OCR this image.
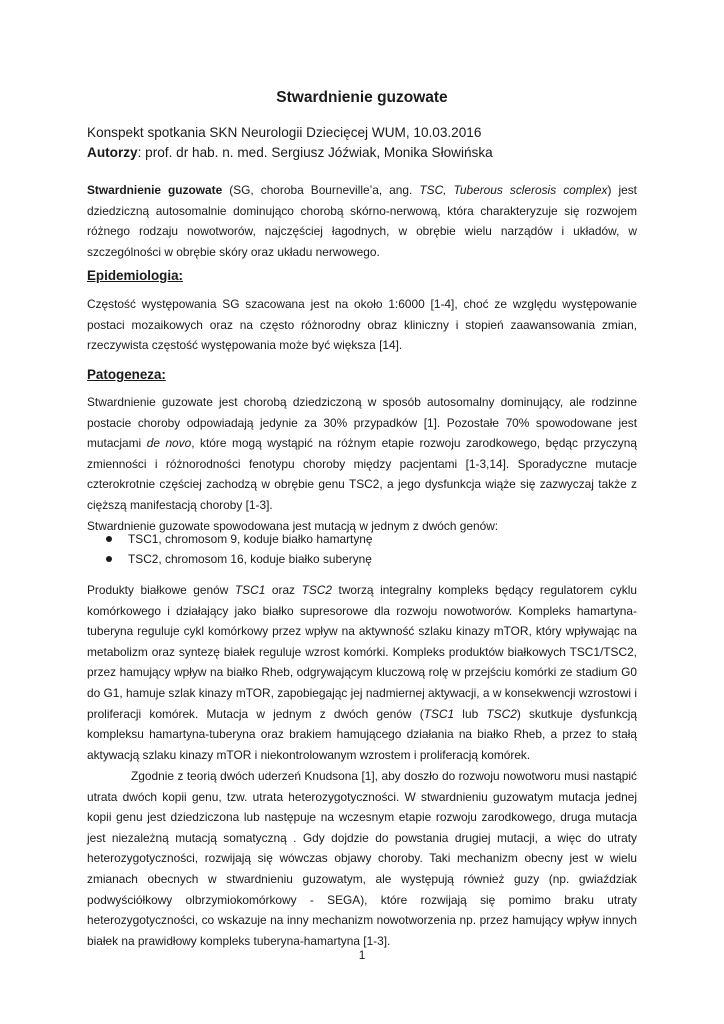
Stwardnienie guzowate
Konspekt spotkania SKN Neurologii Dziecięcej WUM, 10.03.2016
Autorzy: prof. dr hab. n. med. Sergiusz Jóźwiak, Monika Słowińska

Stwardnienie guzowate (SG, choroba Bourneville’a, ang. TSC, Tuberous sclerosis complex) jest dziedziczną autosomalnie dominująco chorobą skórno-nerwową, która charakteryzuje się rozwojem różnego rodzaju nowotworów, najczęściej łagodnych, w obrębie wielu narządów i układów, w szczególności w obrębie skóry oraz układu nerwowego.

Epidemiologia:

Częstość występowania SG szacowana jest na około 1:6000 [1-4], choć ze względu występowanie postaci mozaikowych oraz na często różnorodny obraz kliniczny i stopień zaawansowania zmian, rzeczywista częstość występowania może być większa [14].

Patogeneza:

Stwardnienie guzowate jest chorobą dziedziczoną w sposób autosomalny dominujący, ale rodzinne postacie choroby odpowiadają jedynie za 30% przypadków [1]. Pozostałe 70% spowodowane jest mutacjami de novo, które mogą wystąpić na różnym etapie rozwoju zarodkowego, będąc przyczyną zmienności i różnorodności fenotypu choroby między pacjentami [1-3,14]. Sporadyczne mutacje czterokrotnie częściej zachodzą w obrębie genu TSC2, a jego dysfunkcja wiąże się zazwyczaj także z cięższą manifestacją choroby [1-3].
Stwardnienie guzowate spowodowana jest mutacją w jednym z dwóch genów:

TSC1, chromosom 9, koduje białko hamartynę
TSC2, chromosom 16, koduje białko suberynę

Produkty białkowe genów TSC1 oraz TSC2 tworzą integralny kompleks będący regulatorem cyklu komórkowego i działający jako białko supresorowe dla rozwoju nowotworów. Kompleks hamartyna-tuberyna reguluje cykl komórkowy przez wpływ na aktywność szlaku kinazy mTOR, który wpływając na metabolizm oraz syntezę białek reguluje wzrost komórki. Kompleks produktów białkowych TSC1/TSC2, przez hamujący wpływ na białko Rheb, odgrywającym kluczową rolę w przejściu komórki ze stadium G0 do G1, hamuje szlak kinazy mTOR, zapobiegając jej nadmiernej aktywacji, a w konsekwencji wzrostowi i proliferacji komórek. Mutacja w jednym z dwóch genów (TSC1 lub TSC2) skutkuje dysfunkcją kompleksu hamartyna-tuberyna oraz brakiem hamującego działania na białko Rheb, a przez to stałą aktywacją szlaku kinazy mTOR i niekontrolowanym wzrostem i proliferacją komórek.

Zgodnie z teorią dwóch uderzeń Knudsona [1], aby doszło do rozwoju nowotworu musi nastąpić utrata dwóch kopii genu, tzw. utrata heterozygotyczności. W stwardnieniu guzowatym mutacja jednej kopii genu jest dziedziczona lub następuje na wczesnym etapie rozwoju zarodkowego, druga mutacja jest niezależną mutacją somatyczną . Gdy dojdzie do powstania drugiej mutacji, a więc do utraty heterozygotyczności, rozwijają się wówczas objawy choroby. Taki mechanizm obecny jest w wielu zmianach obecnych w stwardnieniu guzowatym, ale występują również guzy (np. gwiaździak podwyściółkowy olbrzymiokomórkowy - SEGA), które rozwijają się pomimo braku utraty heterozygotyczności, co wskazuje na inny mechanizm nowotworzenia np. przez hamujący wpływ innych białek na prawidłowy kompleks tuberyna-hamartyna [1-3].

1
